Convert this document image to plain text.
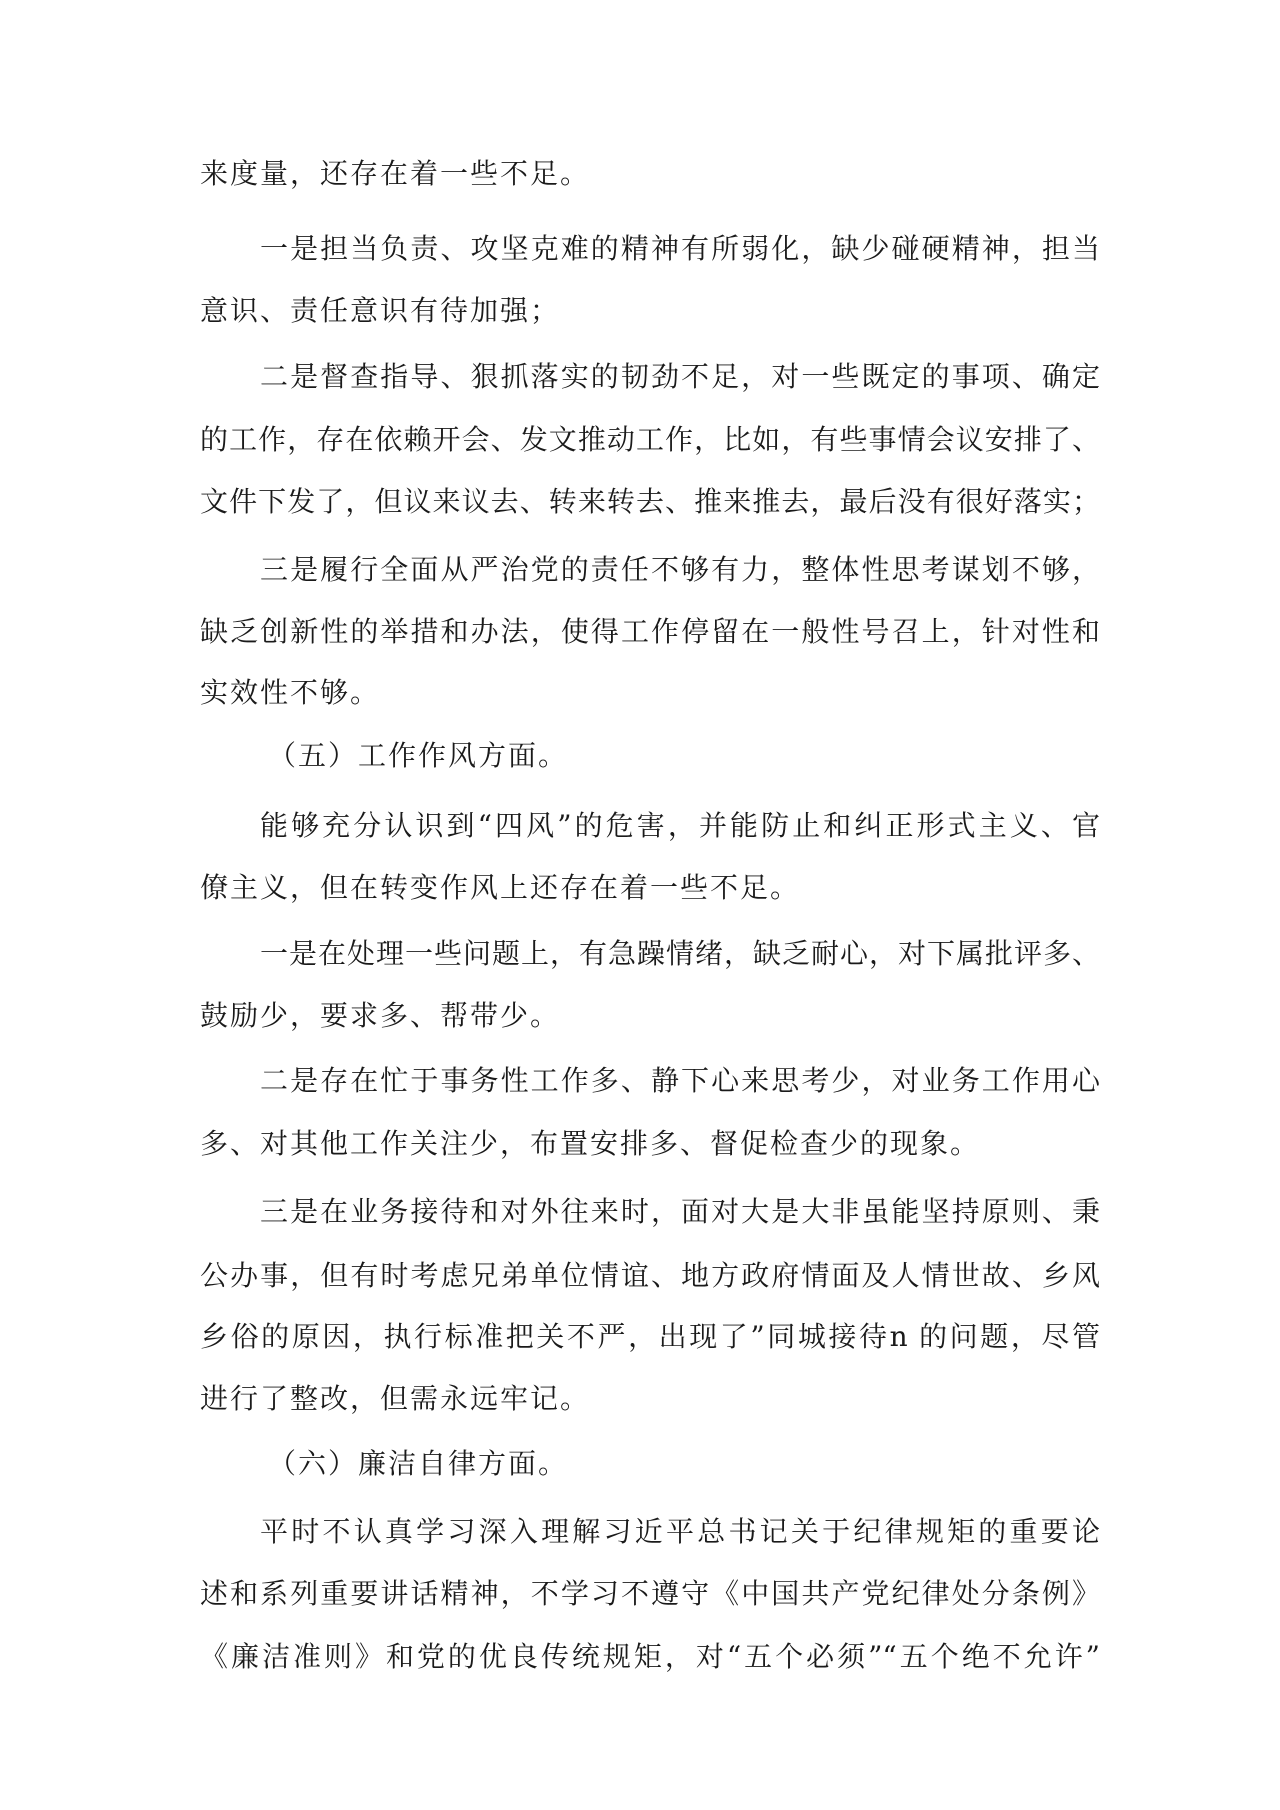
来度量，还存在着一些不足。
一是担当负责、攻坚克难的精神有所弱化，缺少碰硬精神，担当
意识、责任意识有待加强；
二是督查指导、狠抓落实的韧劲不足，对一些既定的事项、确定
的工作，存在依赖开会、发文推动工作，比如，有些事情会议安排了、
文件下发了，但议来议去、转来转去、推来推去，最后没有很好落实；
三是履行全面从严治党的责任不够有力，整体性思考谋划不够，
缺乏创新性的举措和办法，使得工作停留在一般性号召上，针对性和
实效性不够。
（五）工作作风方面。
能够充分认识到“四风”的危害，并能防止和纠正形式主义、官
僚主义，但在转变作风上还存在着一些不足。
一是在处理一些问题上，有急躁情绪，缺乏耐心，对下属批评多、
鼓励少，要求多、帮带少。
二是存在忙于事务性工作多、静下心来思考少，对业务工作用心
多、对其他工作关注少，布置安排多、督促检查少的现象。
三是在业务接待和对外往来时，面对大是大非虽能坚持原则、秉
公办事，但有时考虑兄弟单位情谊、地方政府情面及人情世故、乡风
乡俗的原因，执行标准把关不严，出现了”同城接待n 的问题，尽管
进行了整改，但需永远牢记。
（六）廉洁自律方面。
平时不认真学习深入理解习近平总书记关于纪律规矩的重要论
述和系列重要讲话精神，不学习不遵守《中国共产党纪律处分条例》
《廉洁准则》和党的优良传统规矩，对“五个必须”“五个绝不允许”
